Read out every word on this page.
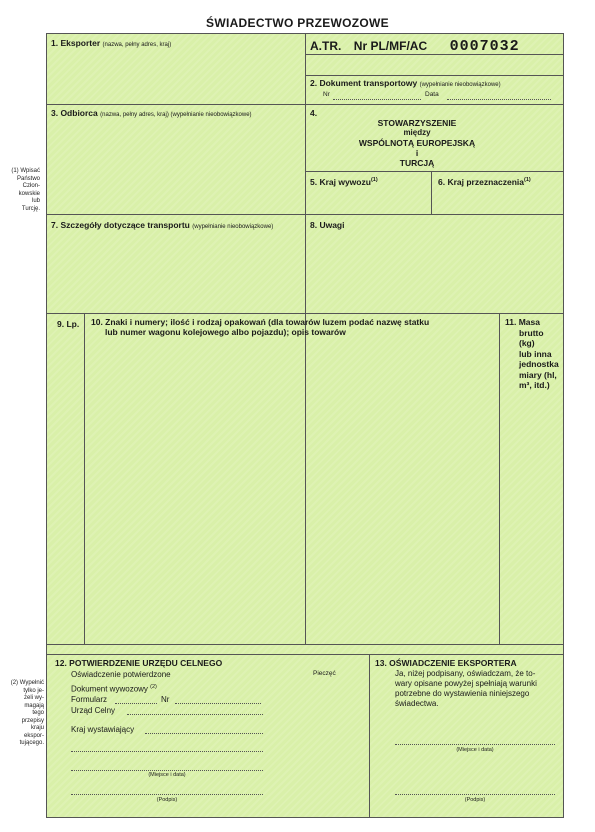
ŚWIADECTWO PRZEWOZOWE
(1) Wpisać
Państwo
Człon-
kowskie
lub
Turcję.
(2) Wypełnić
tylko je-
żeli wy-
magają
tego
przepisy
kraju
ekspor-
tującego.
1. Eksporter (nazwa, pełny adres, kraj)	A.TR. Nr PL/MF/AC 0007032
2. Dokument transportowy (wypełnianie nieobowiązkowe)
Nr	Data
3. Odbiorca (nazwa, pełny adres, kraj) (wypełnianie nieobowiązkowe)	4.
STOWARZYSZENIE
między
WSPÓLNOTĄ EUROPEJSKĄ
i
TURCJĄ
5. Kraj wywozu$^{(1)}$	6. Kraj przeznaczenia$^{(1)}$
7. Szczegóły dotyczące transportu (wypełnianie nieobowiązkowe)	8. Uwagi
9. Lp. 10. Znaki i numery; ilość i rodzaj opakowań (dla towarów luzem podać nazwę statku
lub numer wagonu kolejowego albo pojazdu); opis towarów
11. Masa
brutto
(kg)
lub inna
jednostka
miary (hl,
m³, itd.)
12. POTWIERDZENIE URZĘDU CELNEGO
Oświadczenie potwierdzone	Pieczęć
Dokument wywozowy $^{(2)}$
Formularz	Nr
Urząd Celny
Kraj wystawiający
(Miejsce i data)
(Podpis)
13. OŚWIADCZENIE EKSPORTERA
Ja, niżej podpisany, oświadczam, że to-
wary opisane powyżej spełniają warunki
potrzebne do wystawienia niniejszego
świadectwa.
(Miejsce i data)
(Podpis)
